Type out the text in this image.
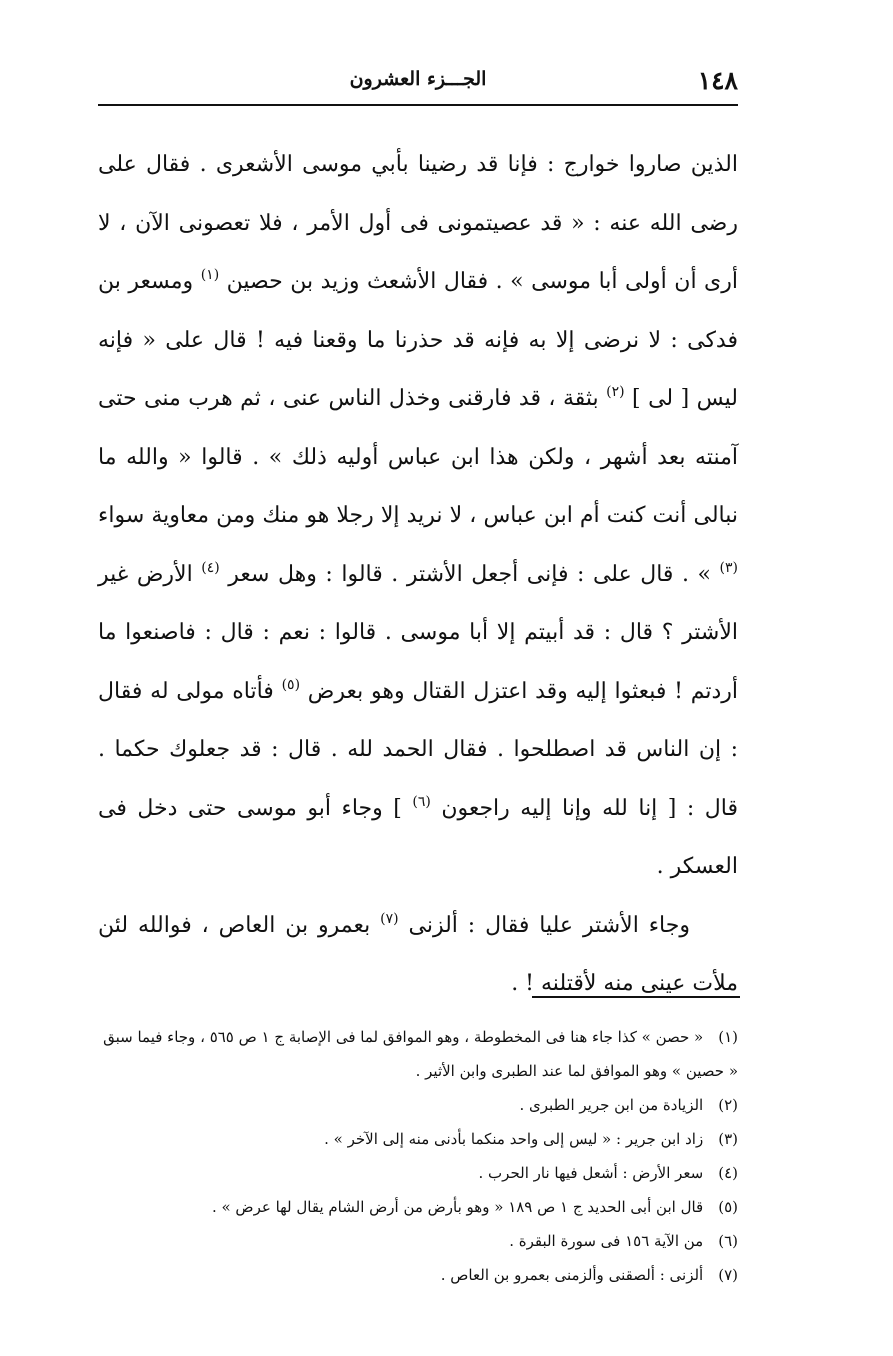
١٤٨
الجـــزء العشرون

الذين صاروا خوارج : فإنا قد رضينا بأبي موسى الأشعرى . فقال على رضى الله عنه : « قد عصيتمونى فى أول الأمر ، فلا تعصونى الآن ، لا أرى أن أولى أبا موسى » . فقال الأشعث وزيد بن حصين $^{(١)}$ ومسعر بن فدكى : لا نرضى إلا به فإنه قد حذرنا ما وقعنا فيه ! قال على « فإنه ليس [ لى ] $^{(٢)}$ بثقة ، قد فارقنى وخذل الناس عنى ، ثم هرب منى حتى آمنته بعد أشهر ، ولكن هذا ابن عباس أوليه ذلك » . قالوا « والله ما نبالى أنت كنت أم ابن عباس ، لا نريد إلا رجلا هو منك ومن معاوية سواء $^{(٣)}$ » . قال على : فإنى أجعل الأشتر . قالوا : وهل سعر $^{(٤)}$ الأرض غير الأشتر ؟ قال : قد أبيتم إلا أبا موسى . قالوا : نعم : قال : فاصنعوا ما أردتم ! فبعثوا إليه وقد اعتزل القتال وهو بعرض $^{(٥)}$ فأتاه مولى له فقال : إن الناس قد اصطلحوا . فقال الحمد لله . قال : قد جعلوك حكما . قال : [ إنا لله وإنا إليه راجعون $^{(٦)}$ ] وجاء أبو موسى حتى دخل فى العسكر .

وجاء الأشتر عليا فقال : ألزنى $^{(٧)}$ بعمرو بن العاص ، فوالله لئن ملأت عينى منه لأقتلنه ! .

(١) « حصن » كذا جاء هنا فى المخطوطة ، وهو الموافق لما فى الإصابة ج ١ ص ٥٦٥ ، وجاء فيما سبق « حصين » وهو الموافق لما عند الطبرى وابن الأثير .

(٢) الزيادة من ابن جرير الطبرى .

(٣) زاد ابن جرير : « ليس إلى واحد منكما بأدنى منه إلى الآخر » .

(٤) سعر الأرض : أشعل فيها نار الحرب .

(٥) قال ابن أبى الحديد ج ١ ص ١٨٩ « وهو بأرض من أرض الشام يقال لها عرض » .

(٦) من الآية ١٥٦ فى سورة البقرة .

(٧) ألزنى : ألصقنى وألزمنى بعمرو بن العاص .
